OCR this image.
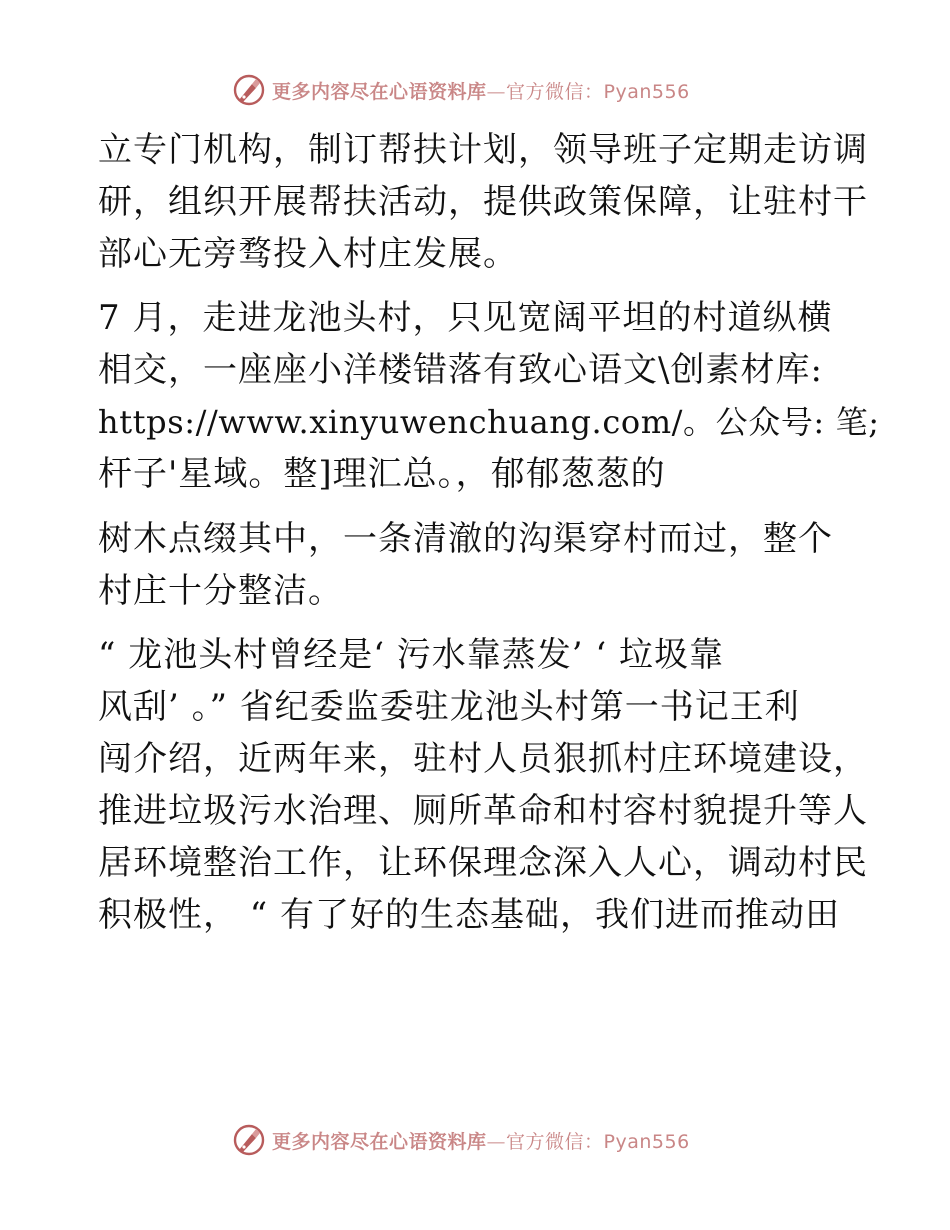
更多内容尽在心语资料库—官方微信：Pyan556

立专门机构，制订帮扶计划，领导班子定期走访调
研，组织开展帮扶活动，提供政策保障，让驻村干
部心无旁骛投入村庄发展。

7 月，走进龙池头村，只见宽阔平坦的村道纵横
相交，一座座小洋楼错落有致心语文\创素材库:
https://www.xinyuwenchuang.com/。公众号: 笔;
杆子'星域。整]理汇总。，郁郁葱葱的

树木点缀其中，一条清澈的沟渠穿村而过，整个
村庄十分整洁。

“ 龙池头村曾经是‘ 污水靠蒸发’ ‘ 垃圾靠
风刮’ 。” 省纪委监委驻龙池头村第一书记王利
闯介绍，近两年来，驻村人员狠抓村庄环境建设，
推进垃圾污水治理、厕所革命和村容村貌提升等人
居环境整治工作，让环保理念深入人心，调动村民
积极性， “ 有了好的生态基础，我们进而推动田

更多内容尽在心语资料库—官方微信：Pyan556
